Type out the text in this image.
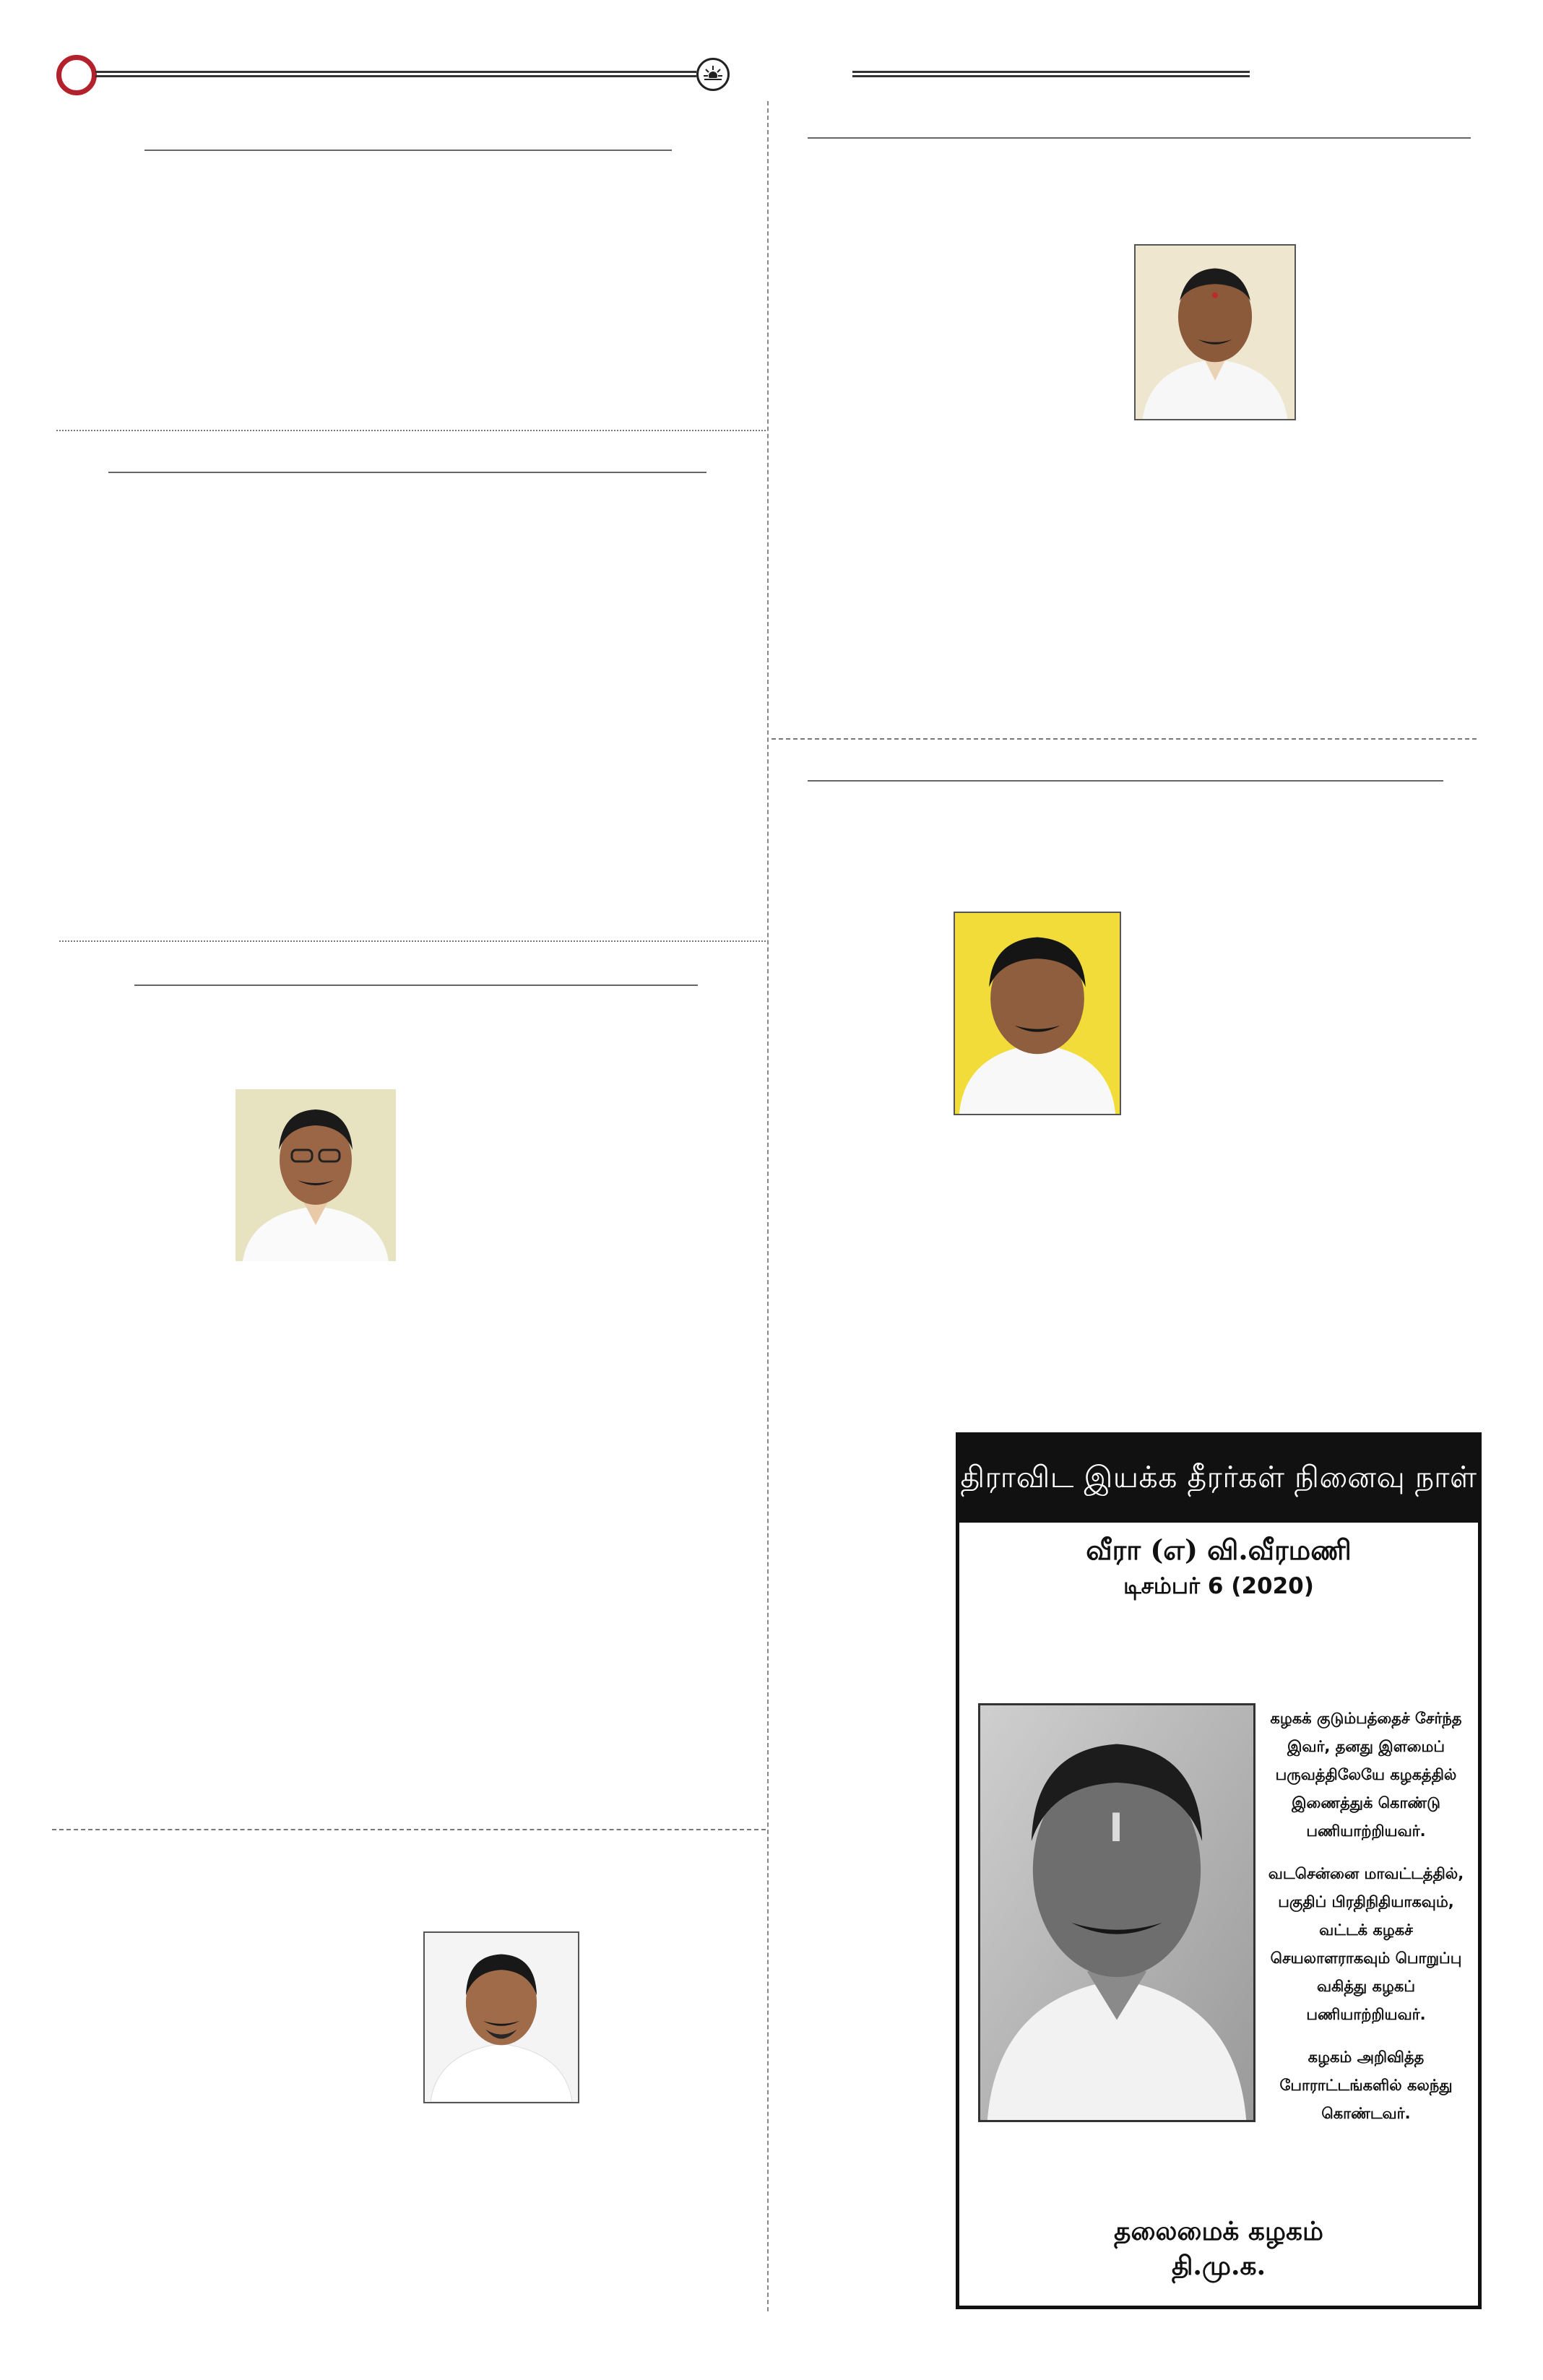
திராவிட இயக்க தீரர்கள் நினைவு நாள்
வீரா (எ) வி.வீரமணி
டிசம்பர் 6 (2020)

கழகக் குடும்பத்தைச் சேர்ந்த இவர், தனது இளமைப் பருவத்திலேயே கழகத்தில் இணைத்துக் கொண்டு பணியாற்றியவர்.

வடசென்னை மாவட்டத்தில், பகுதிப் பிரதிநிதியாகவும், வட்டக் கழகச் செயலாளராகவும் பொறுப்பு வகித்து கழகப் பணியாற்றியவர்.

கழகம் அறிவித்த போராட்டங்களில் கலந்து கொண்டவர்.

தலைமைக் கழகம்
தி.மு.க.
